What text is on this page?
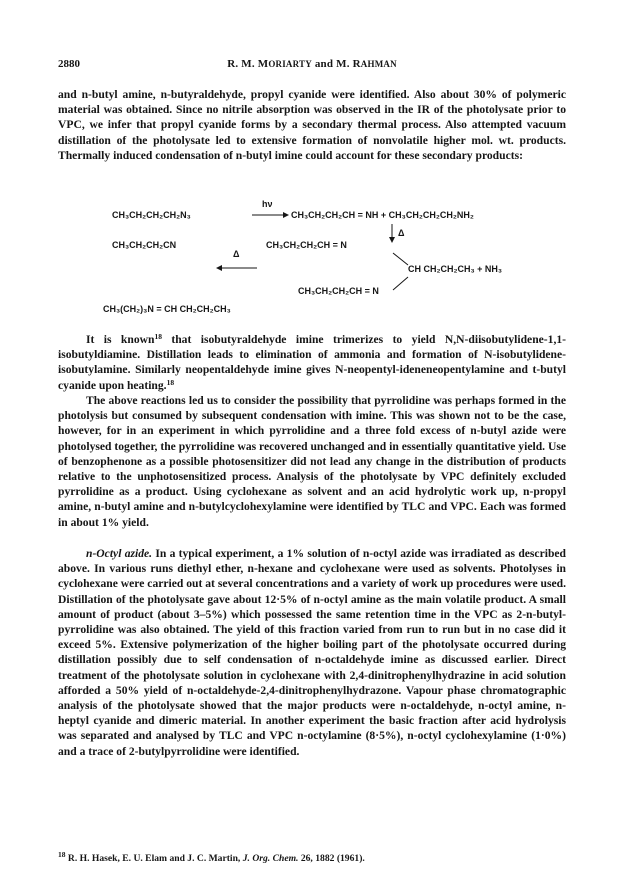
2880	R. M. MORIARTY and M. RAHMAN

and n-butyl amine, n-butyraldehyde, propyl cyanide were identified. Also about 30% of polymeric material was obtained. Since no nitrile absorption was observed in the IR of the photolysate prior to VPC, we infer that propyl cyanide forms by a secondary thermal process. Also attempted vacuum distillation of the photolysate led to extensive formation of nonvolatile higher mol. wt. products. Thermally induced condensation of n-butyl imine could account for these secondary products:

hν
CH₃CH₂CH₂CH₂N₃	CH₃CH₂CH₂CH = NH + CH₃CH₂CH₂CH₂NH₂
Δ
CH₃CH₂CH₂CN	CH₃CH₂CH₂CH = N
Δ
CH CH₂CH₂CH₃ + NH₃
CH₃CH₂CH₂CH = N
CH₃(CH₂)₃N = CH CH₂CH₂CH₃

It is known$^{18}$ that isobutyraldehyde imine trimerizes to yield N,N-diisobutylidene-1,1-isobutyldiamine. Distillation leads to elimination of ammonia and formation of N-isobutylidene-isobutylamine. Similarly neopentaldehyde imine gives N-neopentyl-ideneneopentylamine and t-butyl cyanide upon heating.$^{18}$

The above reactions led us to consider the possibility that pyrrolidine was perhaps formed in the photolysis but consumed by subsequent condensation with imine. This was shown not to be the case, however, for in an experiment in which pyrrolidine and a three fold excess of n-butyl azide were photolysed together, the pyrrolidine was recovered unchanged and in essentially quantitative yield. Use of benzophenone as a possible photosensitizer did not lead any change in the distribution of products relative to the unphotosensitized process. Analysis of the photolysate by VPC definitely excluded pyrrolidine as a product. Using cyclohexane as solvent and an acid hydrolytic work up, n-propyl amine, n-butyl amine and n-butylcyclohexylamine were identified by TLC and VPC. Each was formed in about 1% yield.

n-Octyl azide. In a typical experiment, a 1% solution of n-octyl azide was irradiated as described above. In various runs diethyl ether, n-hexane and cyclohexane were used as solvents. Photolyses in cyclohexane were carried out at several concentrations and a variety of work up procedures were used. Distillation of the photolysate gave about 12·5% of n-octyl amine as the main volatile product. A small amount of product (about 3–5%) which possessed the same retention time in the VPC as 2-n-butyl-pyrrolidine was also obtained. The yield of this fraction varied from run to run but in no case did it exceed 5%. Extensive polymerization of the higher boiling part of the photolysate occurred during distillation possibly due to self condensation of n-octaldehyde imine as discussed earlier. Direct treatment of the photolysate solution in cyclohexane with 2,4-dinitrophenylhydrazine in acid solution afforded a 50% yield of n-octaldehyde-2,4-dinitrophenylhydrazone. Vapour phase chromatographic analysis of the photolysate showed that the major products were n-octaldehyde, n-octyl amine, n-heptyl cyanide and dimeric material. In another experiment the basic fraction after acid hydrolysis was separated and analysed by TLC and VPC n-octylamine (8·5%), n-octyl cyclohexylamine (1·0%) and a trace of 2-butylpyrrolidine were identified.

$^{18}$ R. H. Hasek, E. U. Elam and J. C. Martin, J. Org. Chem. 26, 1882 (1961).
